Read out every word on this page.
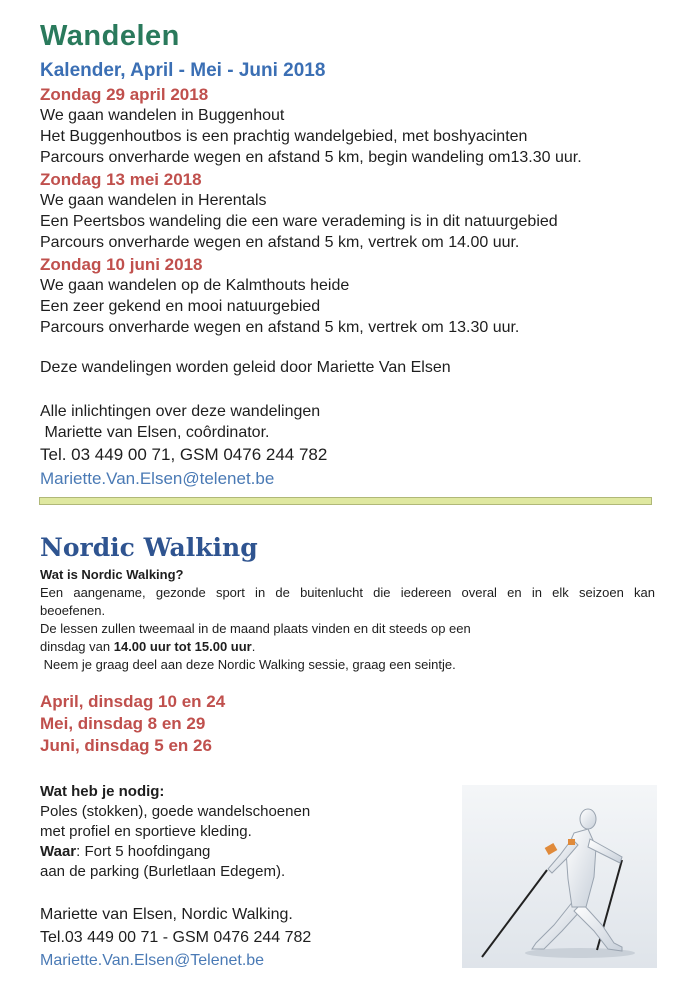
Wandelen
Kalender, April - Mei - Juni 2018
Zondag 29 april 2018
We gaan wandelen in Buggenhout
Het Buggenhoutbos is een prachtig wandelgebied, met boshyacinten
Parcours onverharde wegen en afstand 5 km, begin wandeling om13.30 uur.
Zondag 13 mei 2018
We gaan wandelen in Herentals
Een Peertsbos wandeling die een ware verademing is in dit natuurgebied
Parcours onverharde wegen en afstand 5 km, vertrek om 14.00 uur.
Zondag 10 juni 2018
We gaan wandelen op de Kalmthouts heide
Een zeer gekend en mooi natuurgebied
Parcours onverharde wegen en afstand 5 km, vertrek om 13.30 uur.
Deze wandelingen worden geleid door Mariette Van Elsen
Alle inlichtingen over deze wandelingen
Mariette van Elsen, coôrdinator.
Tel. 03 449 00 71, GSM 0476 244 782
Mariette.Van.Elsen@telenet.be
Nordic Walking
Wat is Nordic Walking?
Een aangename, gezonde sport in de buitenlucht die iedereen overal en in elk seizoen kan
beoefenen.
De lessen zullen tweemaal in de maand plaats vinden en dit steeds op een
dinsdag van 14.00 uur tot 15.00 uur.
Neem je graag deel aan deze Nordic Walking sessie, graag een seintje.
April, dinsdag 10 en 24
Mei, dinsdag 8 en 29
Juni, dinsdag 5 en 26
Wat heb je nodig:
Poles (stokken), goede wandelschoenen
met profiel en sportieve kleding.
Waar: Fort 5 hoofdingang
aan de parking (Burletlaan Edegem).
Mariette van Elsen, Nordic Walking.
Tel.03 449 00 71 - GSM 0476 244 782
Mariette.Van.Elsen@Telenet.be
